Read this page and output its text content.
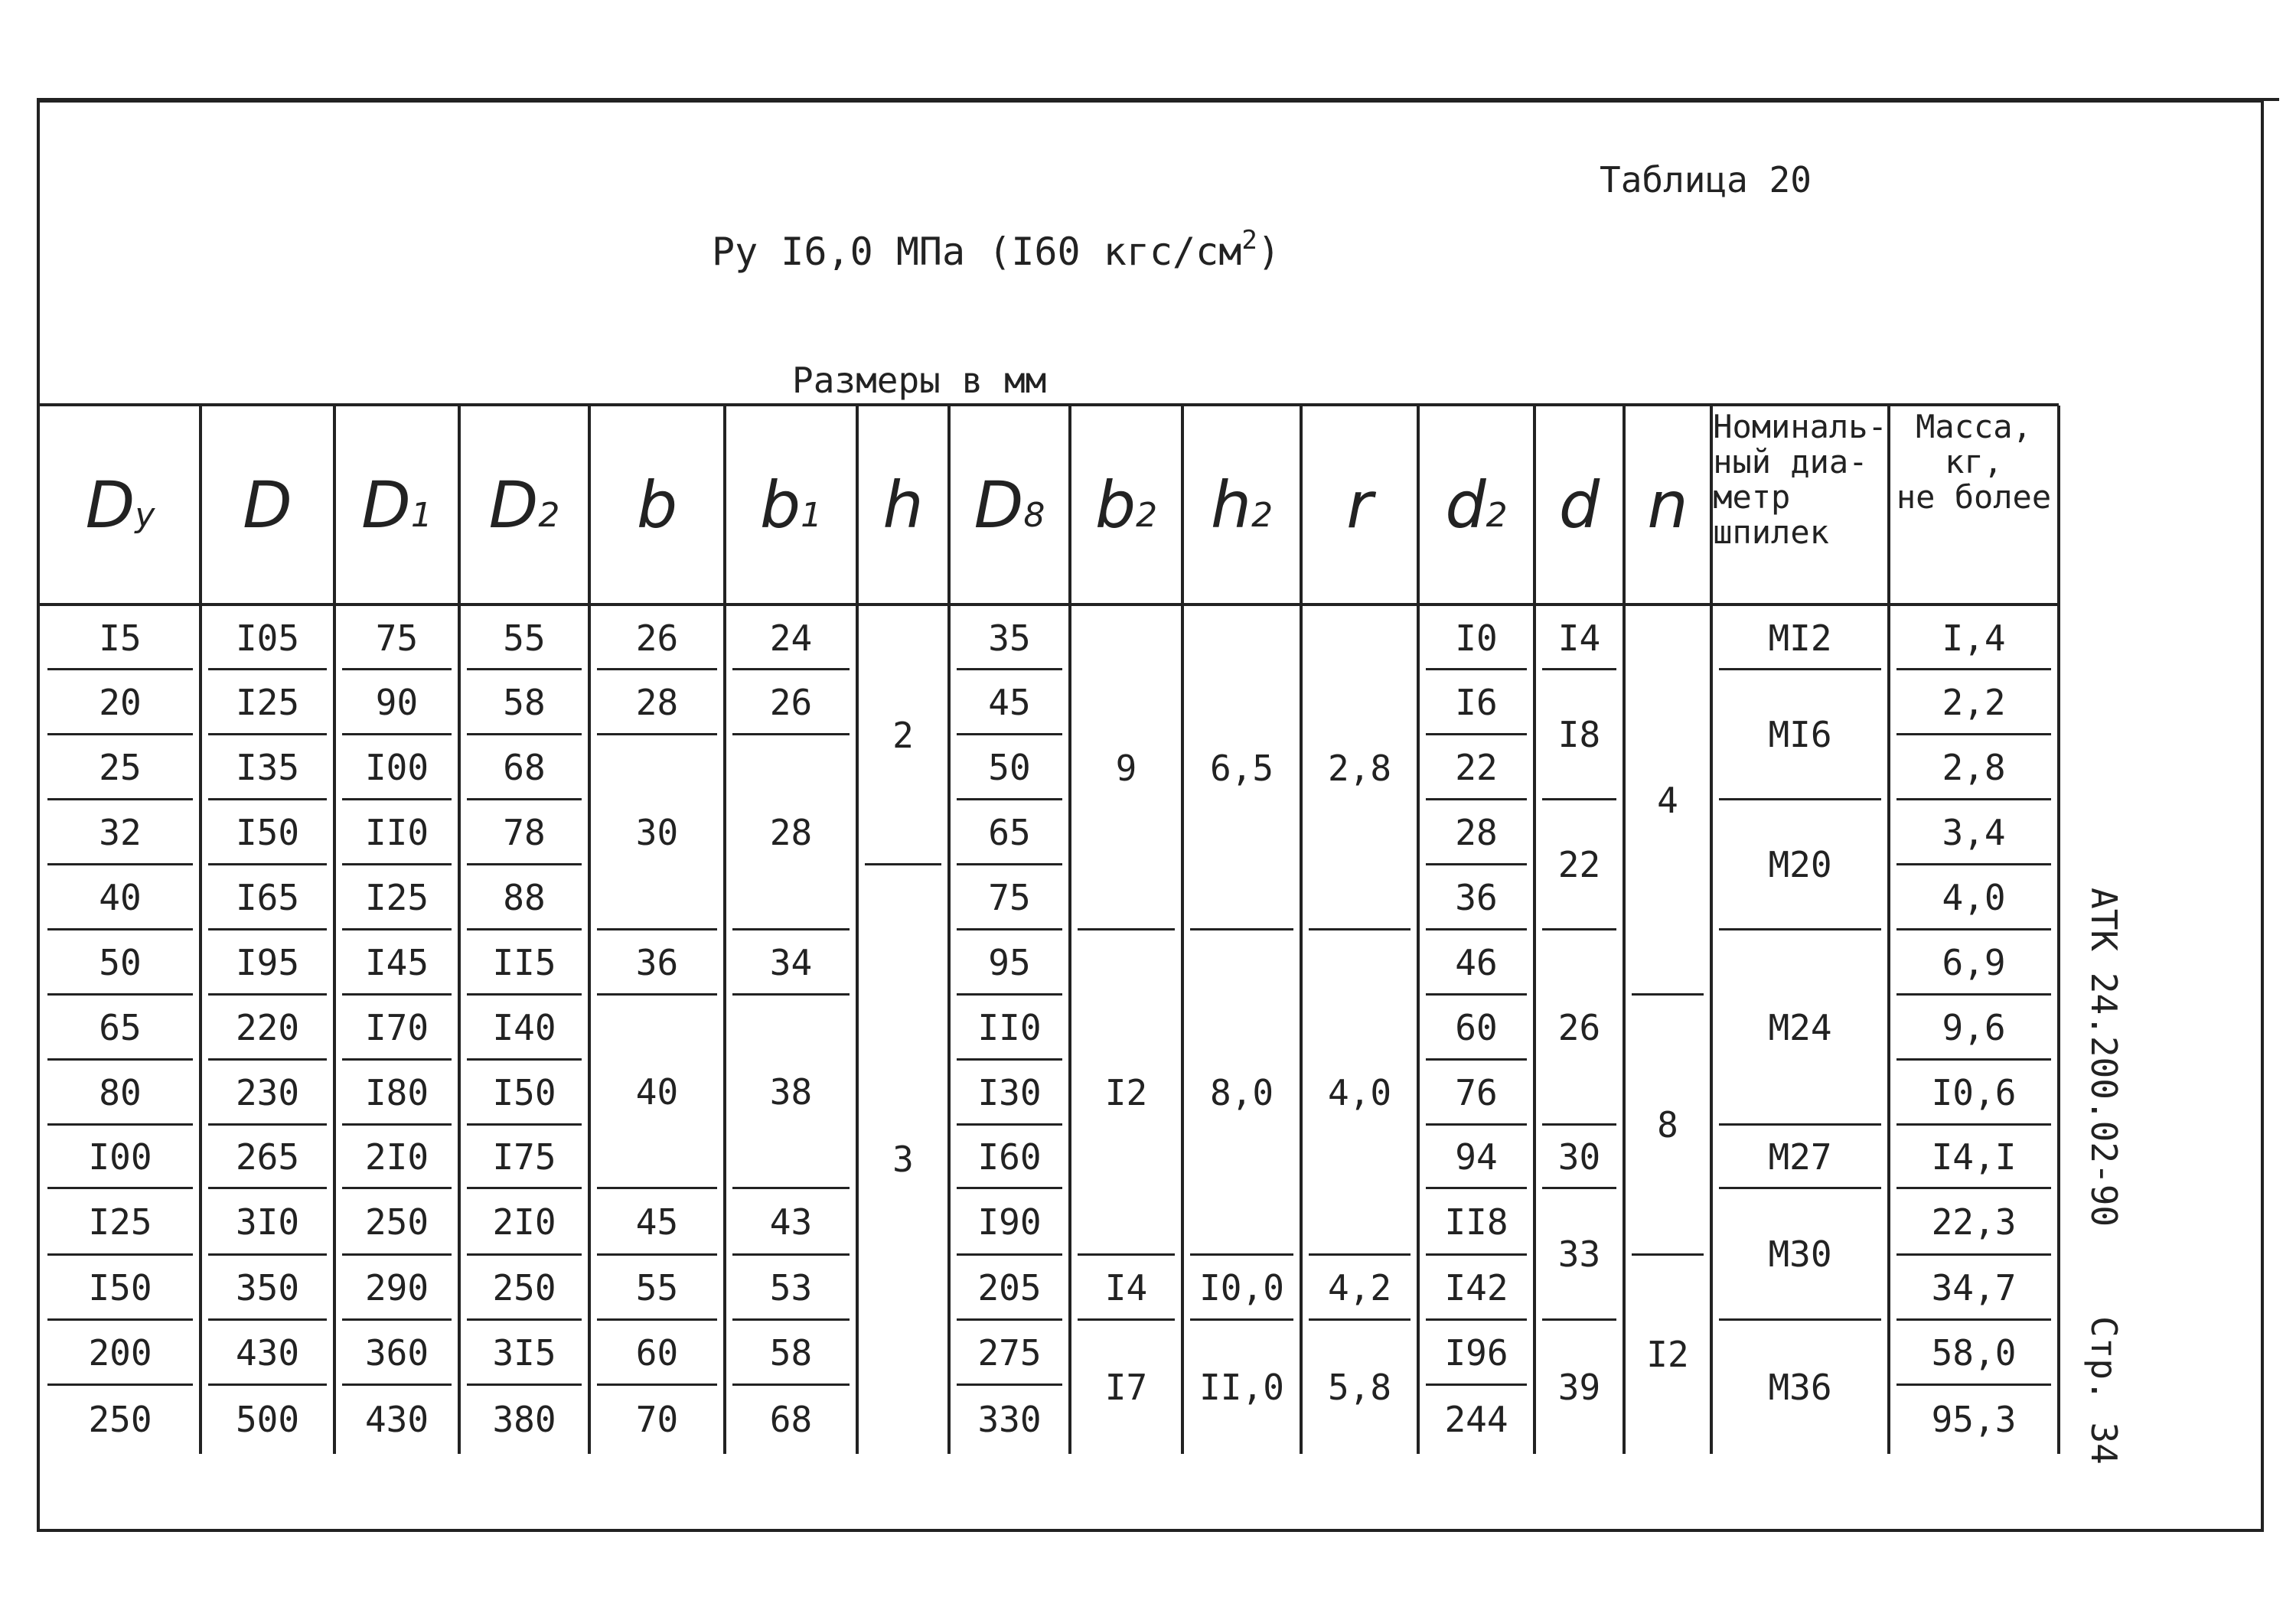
Таблица 20
Ру I6,0 МПа (I60 кгс/$см^2$)
Размеры в мм
АТК 24.200.02-90
Стр. 34
$D_y$ D $D_1$ $D_2$ b $b_1$ h $D_8$ $b_2$ $h_2$ r $d_2$ d n
Номиналь-
ный диа-
метр
шпилек
Масса,
кг,
не более
I5
20
25
32
40
50
65
80
I00
I25
I50
200
250
I05
I25
I35
I50
I65
I95
220
230
265
3I0
350
430
500
75
90
I00
II0
I25
I45
I70
I80
2I0
250
290
360
430
55
58
68
78
88
II5
I40
I50
I75
2I0
250
3I5
380
26
28
30
36
40
45
55
60
70
24
26
28
34
38
43
53
58
68
2
3
35
45
50
65
75
95
II0
I30
I60
I90
205
275
330
9
I2
I4
I7
6,5
8,0
I0,0
II,0
2,8
4,0
4,2
5,8
I0
I6
22
28
36
46
60
76
94
II8
I42
I96
244
I4
I8
22
26
30
33
39
4
8
I2
MI2
MI6
M20
M24
M27
M30
M36
I,4
2,2
2,8
3,4
4,0
6,9
9,6
I0,6
I4,I
22,3
34,7
58,0
95,3
